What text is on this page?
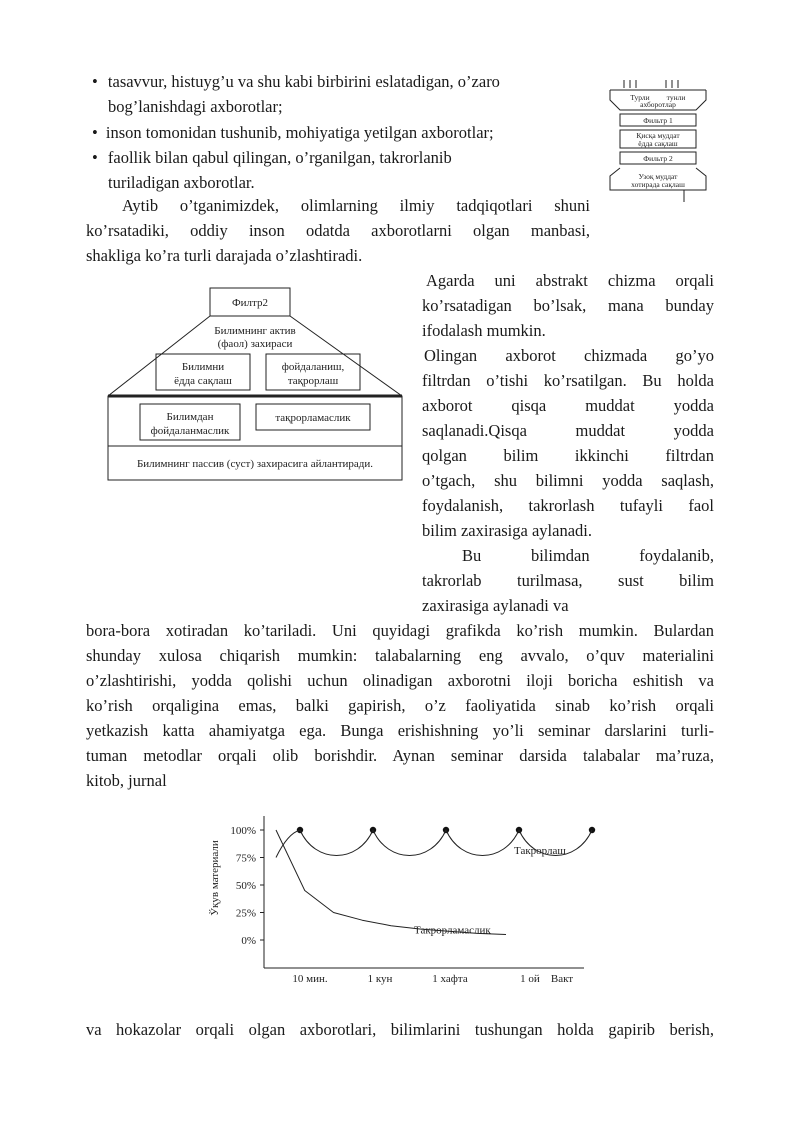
• tasavvur, histuyg’u va shu kabi birbirini eslatadigan, o’zaro
bog’lanishdagi axborotlar;
• inson tomonidan tushunib, mohiyatiga yetilgan axborotlar;
• faollik bilan qabul qilingan, o’rganilgan, takrorlanib
turiladigan axborotlar.
Турли тунли
ахборотлар
Фильтр 1
Қисқа муддат
ёдда сақлаш
Фильтр 2
Узоқ муддат
хотирада сақлаш
Aytib o’tganimizdek, olimlarning ilmiy tadqiqotlari shuni
ko’rsatadiki, oddiy inson odatda axborotlarni olgan manbasi,
shakliga ko’ra turli darajada o’zlashtiradi.
Филтр2
Билимнинг актив
(фаол) захираси
Билимни
ёдда сақлаш
фойдаланиш,
тақрорлаш
Билимдан
фойдаланмаслик
тақрорламаслик
Билимнинг пассив (суст) захирасига айлантиради.
Agarda uni abstrakt chizma orqali
ko’rsatadigan bo’lsak, mana bunday
ifodalash mumkin.
Olingan axborot chizmada go’yo
filtrdan o’tishi ko’rsatilgan. Bu holda
axborot qisqa muddat yodda
saqlanadi.Qisqa muddat yodda
qolgan bilim ikkinchi filtrdan
o’tgach, shu bilimni yodda saqlash,
foydalanish, takrorlash tufayli faol
bilim zaxirasiga aylanadi.
Bu bilimdan foydalanib,
takrorlab turilmasa, sust bilim
zaxirasiga aylanadi va
bora-bora xotiradan ko’tariladi. Uni quyidagi grafikda ko’rish mumkin. Bulardan
shunday xulosa chiqarish mumkin: talabalarning eng avvalo, o’quv materialini
o’zlashtirishi, yodda qolishi uchun olinadigan axborotni iloji boricha eshitish va
ko’rish orqaligina emas, balki gapirish, o’z faoliyatida sinab ko’rish orqali
yetkazish katta ahamiyatga ega. Bunga erishishning yo’li seminar darslarini turli-
tuman metodlar orqali olib borishdir. Aynan seminar darsida talabalar ma’ruza,
kitob, jurnal
100%
75%
50%
25%
0%
Ўқув материали
10 мин.	1 кун	1 хафта	1 ой Вакт
Такрорлаш
Такрорламаслик
va hokazolar orqali olgan axborotlari, bilimlarini tushungan holda gapirib berish,
